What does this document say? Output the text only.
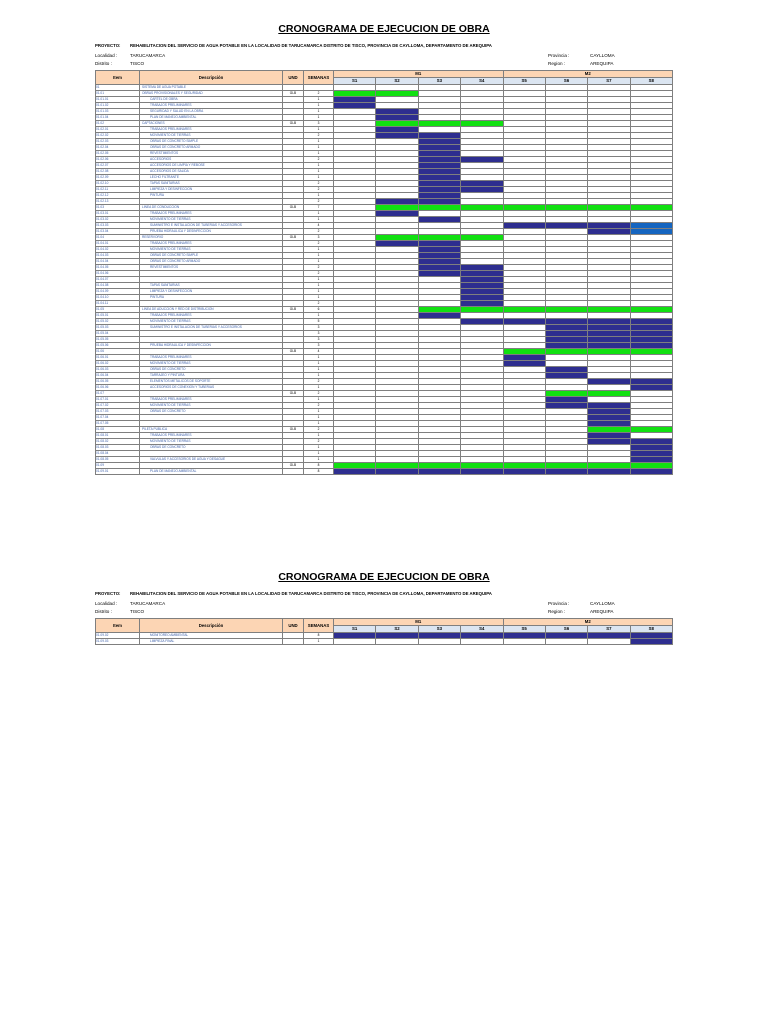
CRONOGRAMA DE EJECUCION DE OBRA
PROYECTO: REHABILITACION DEL SERVICIO DE AGUA POTABLE EN LA LOCALIDAD DE TARUCAMARCA DISTRITO DE TISCO, PROVINCIA DE CAYLLOMA, DEPARTAMENTO DE AREQUIPA
Localidad :	TARUCAMARCA	Provincia :	CAYLLOMA
Distrito :	TISCO	Region :	AREQUIPA
Item	Descripción	UND	SEMANAS	M1				M2			
				S1	S2	S3	S4	S5	S6	S7	S8
01	SISTEMA DE AGUA POTABLE										
01.01	OBRAS PROVISIONALES Y SEGURIDAD	GLB	2								
01.01.01	CARTEL DE OBRA		1								
01.01.02	TRABAJOS PRELIMINARES		1								
01.01.03	SEGURIDAD Y SALUD EN LA OBRA		1								
01.01.04	PLAN DE MANEJO AMBIENTAL		1								
01.02	CAPTACIONES	GLB	3								
01.02.01	TRABAJOS PRELIMINARES		1								
01.02.02	MOVIMIENTO DE TIERRAS		2								
01.02.03	OBRAS DE CONCRETO SIMPLE		1								
01.02.04	OBRAS DE CONCRETO ARMADO		1								
01.02.05	REVESTIMIENTOS		1								
01.02.06	ACCESORIOS		2								
01.02.07	ACCESORIOS DE LIMPIA Y REBOSE		1								
01.02.08	ACCESORIOS DE SALIDA		1								
01.02.09	LECHO FILTRANTE		1								
01.02.10	TAPAS SANITARIAS		2								
01.02.11	LIMPIEZA Y DESINFECCION		2								
01.02.12	PINTURA		1								
01.02.13			2								
01.03	LINEA DE CONDUCCION	GLB	7								
01.03.01	TRABAJOS PRELIMINARES		1								
01.03.02	MOVIMIENTO DE TIERRAS		1								
01.03.03	SUMINISTRO E INSTALACION DE TUBERIAS Y ACCESORIOS		4								
01.03.04	PRUEBA HIDRAULICA Y DESINFECCION		2								
01.04	RESERVORIO	GLB	3								
01.04.01	TRABAJOS PRELIMINARES		2								
01.04.02	MOVIMIENTO DE TIERRAS		1								
01.04.03	OBRAS DE CONCRETO SIMPLE		1								
01.04.04	OBRAS DE CONCRETO ARMADO		1								
01.04.05	REVESTIMIENTOS		2								
01.04.06			2								
01.04.07			1								
01.04.08	TAPAS SANITARIAS		1								
01.04.09	LIMPIEZA Y DESINFECCION		1								
01.04.10	PINTURA		1								
01.04.11			2								
01.05	LINEA DE ADUCCION Y RED DE DISTRIBUCION	GLB	6								
01.05.01	TRABAJOS PRELIMINARES		1								
01.05.02	MOVIMIENTO DE TIERRAS		5								
01.05.03	SUMINISTRO E INSTALACION DE TUBERIAS Y ACCESORIOS		3								
01.05.04			3								
01.05.05			3								
01.05.06	PRUEBA HIDRAULICA Y DESINFECCION		3								
01.06		GLB	4								
01.06.01	TRABAJOS PRELIMINARES		1								
01.06.02	MOVIMIENTO DE TIERRAS		1								
01.06.03	OBRAS DE CONCRETO		1								
01.06.04	TARRAJEO Y PINTURA		1								
01.06.05	ELEMENTOS METALICOS DE SOPORTE		2								
01.06.06	ACCESORIOS DE CONEXION Y TUBERIAS		1								
01.07		GLB	2								
01.07.01	TRABAJOS PRELIMINARES		1								
01.07.02	MOVIMIENTO DE TIERRAS		2								
01.07.03	OBRAS DE CONCRETO		1								
01.07.04			1								
01.07.05			1								
01.08	PILETA PUBLICA	GLB	2								
01.08.01	TRABAJOS PRELIMINARES		1								
01.08.02	MOVIMIENTO DE TIERRAS		2								
01.08.03	OBRAS DE CONCRETO		1								
01.08.04			1								
01.08.05	VALVULAS Y ACCESORIOS DE AGUA Y DESAGUE		1								
01.09		GLB	8								
01.09.01	PLAN DE MANEJO AMBIENTAL		8								
CRONOGRAMA DE EJECUCION DE OBRA
PROYECTO: REHABILITACION DEL SERVICIO DE AGUA POTABLE EN LA LOCALIDAD DE TARUCAMARCA DISTRITO DE TISCO, PROVINCIA DE CAYLLOMA, DEPARTAMENTO DE AREQUIPA
Localidad :	TARUCAMARCA	Provincia :	CAYLLOMA
Distrito :	TISCO	Region :	AREQUIPA
Item	Descripción	UND	SEMANAS	M1				M2			
				S1	S2	S3	S4	S5	S6	S7	S8
01.09.02	MONITOREO AMBIENTAL		8								
01.09.03	LIMPIEZA FINAL		1								
